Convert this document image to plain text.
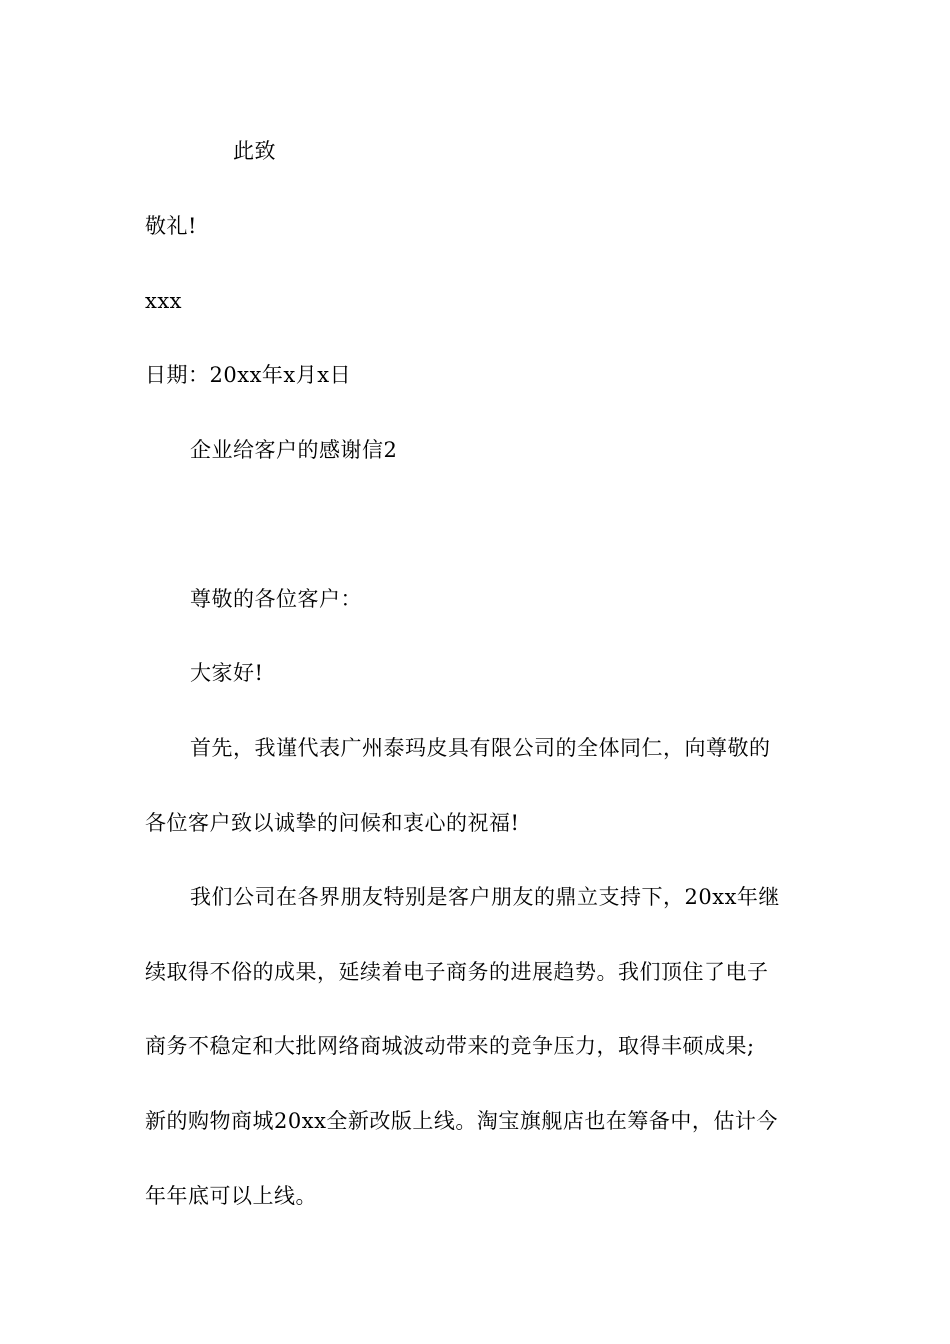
此致
敬礼!
xxx
日期：20xx年x月x日
企业给客户的感谢信2
尊敬的各位客户：
大家好!
首先，我谨代表广州泰玛皮具有限公司的全体同仁，向尊敬的
各位客户致以诚挚的问候和衷心的祝福!
我们公司在各界朋友特别是客户朋友的鼎立支持下，20xx年继
续取得不俗的成果，延续着电子商务的进展趋势。我们顶住了电子
商务不稳定和大批网络商城波动带来的竞争压力，取得丰硕成果;
新的购物商城20xx全新改版上线。淘宝旗舰店也在筹备中，估计今
年年底可以上线。
